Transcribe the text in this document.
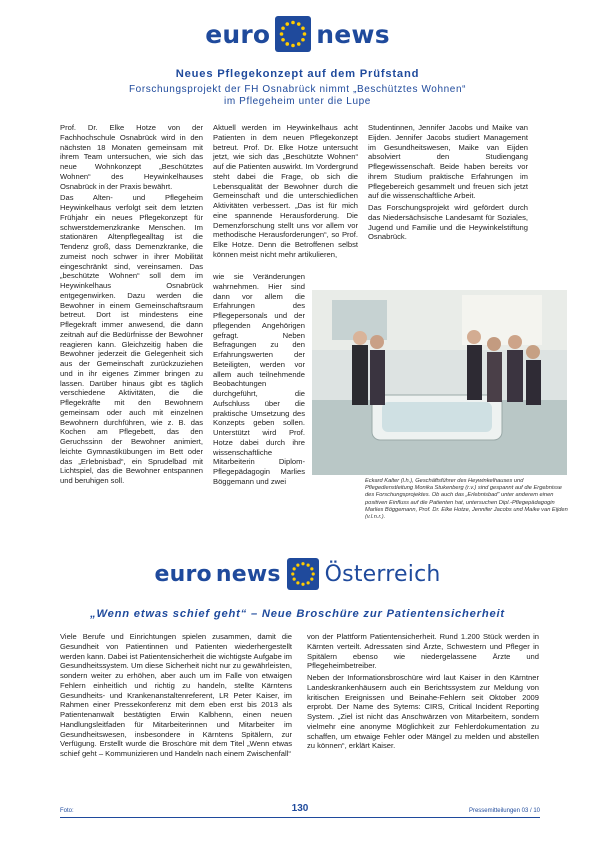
euro news
Neues Pflegekonzept auf dem Prüfstand
Forschungsprojekt der FH Osnabrück nimmt „Beschütztes Wohnen“
im Pflegeheim unter die Lupe

Prof. Dr. Elke Hotze von der Fachhochschule Osnabrück wird in den nächsten 18 Monaten gemeinsam mit ihrem Team untersuchen, wie sich das neue Wohnkonzept „Beschütztes Wohnen“ des Heywinkelhauses Osnabrück in der Praxis bewährt.

Das Alten- und Pflegeheim Heywinkelhaus verfolgt seit dem letzten Frühjahr ein neues Pflegekonzept für schwerstdemenzkranke Menschen. Im stationären Altenpflegealltag ist die Tendenz groß, dass Demenzkranke, die zumeist noch schwer in ihrer Mobilität eingeschränkt sind, vereinsamen. Das „beschützte Wohnen“ soll dem im Heywinkelhaus Osnabrück entgegenwirken. Dazu werden die Bewohner in einem Gemeinschaftsraum betreut. Dort ist mindestens eine Pflegekraft immer anwesend, die dann zeitnah auf die Bedürfnisse der Bewohner reagieren kann. Gleichzeitig haben die Bewohner jederzeit die Gelegenheit sich aus der Gemeinschaft zurückzuziehen und in ihr eigenes Zimmer bringen zu lassen. Darüber hinaus gibt es täglich verschiedene Aktivitäten, die die Pflegekräfte mit den Bewohnern gemeinsam oder auch mit einzelnen Bewohnern durchführen, wie z. B. das Kochen am Pflegebett, das den Geruchssinn der Bewohner animiert, leichte Gymnastikübungen im Bett oder das „Erlebnisbad“, ein Sprudelbad mit Lichtspiel, das die Bewohner entspannen und beruhigen soll.

Aktuell werden im Heywinkelhaus acht Patienten in dem neuen Pflegekonzept betreut. Prof. Dr. Elke Hotze untersucht jetzt, wie sich das „Beschützte Wohnen“ auf die Patienten auswirkt. Im Vordergrund steht dabei die Frage, ob sich die Lebensqualität der Bewohner durch die Gemeinschaft und die unterschiedlichen Aktivitäten verbessert. „Das ist für mich eine spannende Herausforderung. Die Demenzforschung stellt uns vor allem vor methodische Herausforderungen“, so Prof. Elke Hotze. Denn die Betroffenen selbst können meist nicht mehr artikulieren,

wie sie Veränderungen wahrnehmen. Hier sind dann vor allem die Erfahrungen des Pflegepersonals und der pflegenden Angehörigen gefragt. Neben Befragungen zu den Erfahrungswerten der Beteiligten, werden vor allem auch teilnehmende Beobachtungen durchgeführt, die Aufschluss über die praktische Umsetzung des Konzepts geben sollen. Unterstützt wird Prof. Hotze dabei durch ihre wissenschaftliche Mitarbeiterin Diplom-Pflegepädagogin Marlies Böggemann und zwei

Studentinnen, Jennifer Jacobs und Maike van Eijden. Jennifer Jacobs studiert Management im Gesundheitswesen, Maike van Eijden absolviert den Studiengang Pflegewissenschaft. Beide haben bereits vor ihrem Studium praktische Erfahrungen im Pflegebereich gesammelt und freuen sich jetzt auf die wissenschaftliche Arbeit.

Das Forschungsprojekt wird gefördert durch das Niedersächsische Landesamt für Soziales, Jugend und Familie und die Heywinkelstiftung Osnabrück.

Eckard Kalter (l.h.), Geschäftsführer des Heywinkelhauses und Pflegedienstleitung Monika Stukenberg (r.v.) sind gespannt auf die Ergebnisse des Forschungsprojektes. Ob auch das „Erlebnisbad“ unter anderem einen positiven Einfluss auf die Patienten hat, untersuchen Dipl.-Pflegepädagogin Marlies Böggemann, Prof. Dr. Elke Hotze, Jennifer Jacobs und Maike van Eijden (v.l.n.r.).
euro news Österreich
„Wenn etwas schief geht“ – Neue Broschüre zur Patientensicherheit

Viele Berufe und Einrichtungen spielen zusammen, damit die Gesundheit von Patientinnen und Patienten wiederhergestellt werden kann. Dabei ist Patientensicherheit die wichtigste Aufgabe im Gesundheitssystem. Um diese Sicherheit nicht nur zu gewährleisten, sondern weiter zu erhöhen, aber auch um im Falle von etwaigen Fehlern einheitlich und richtig zu handeln, stellte Kärntens Gesundheits- und Krankenanstaltenreferent, LR Peter Kaiser, im Rahmen einer Pressekonferenz mit dem eben erst bis 2013 als Patientenanwalt bestätigten Erwin Kalbhenn, einen neuen Handlungsleitfaden für Mitarbeiterinnen und Mitarbeiter im Gesundheitswesen, insbesondere in Kärntens Spitälern, zur Verfügung. Erstellt wurde die Broschüre mit dem Titel „Wenn etwas schief geht – Kommunizieren und Handeln nach einem Zwischenfall“

von der Plattform Patientensicherheit. Rund 1.200 Stück werden in Kärnten verteilt. Adressaten sind Ärzte, Schwestern und Pfleger in Spitälern ebenso wie niedergelassene Ärzte und Pflegeheimbetreiber.

Neben der Informationsbroschüre wird laut Kaiser in den Kärntner Landeskrankenhäusern auch ein Berichtssystem zur Meldung von kritischen Ereignissen und Beinahe-Fehlern seit Oktober 2009 erprobt. Der Name des Sytems: CIRS, Critical Incident Reporting System. „Ziel ist nicht das Anschwärzen von Mitarbeitern, sondern vielmehr eine anonyme Möglichkeit zur Fehlerdokumentation zu schaffen, um etwaige Fehler oder Mängel zu melden und abstellen zu können“, erklärt Kaiser.

Foto:	130	Pressemitteilungen 03 / 10
